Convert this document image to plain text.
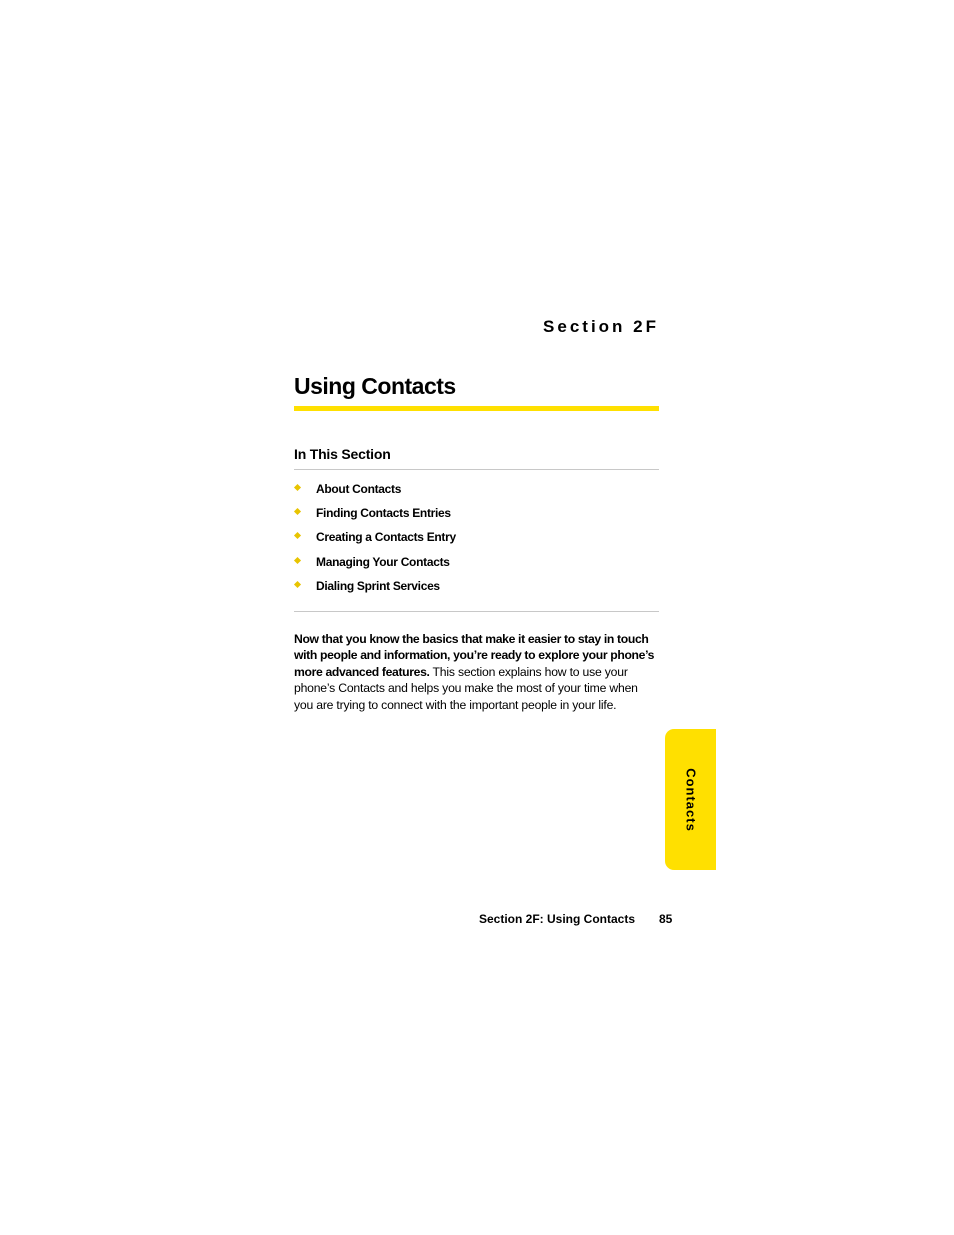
Section 2F
Using Contacts
In This Section
About Contacts
Finding Contacts Entries
Creating a Contacts Entry
Managing Your Contacts
Dialing Sprint Services

Now that you know the basics that make it easier to stay in touch with people and information, you’re ready to explore your phone’s more advanced features. This section explains how to use your phone’s Contacts and helps you make the most of your time when you are trying to connect with the important people in your life.

Contacts
Section 2F: Using Contacts 85
